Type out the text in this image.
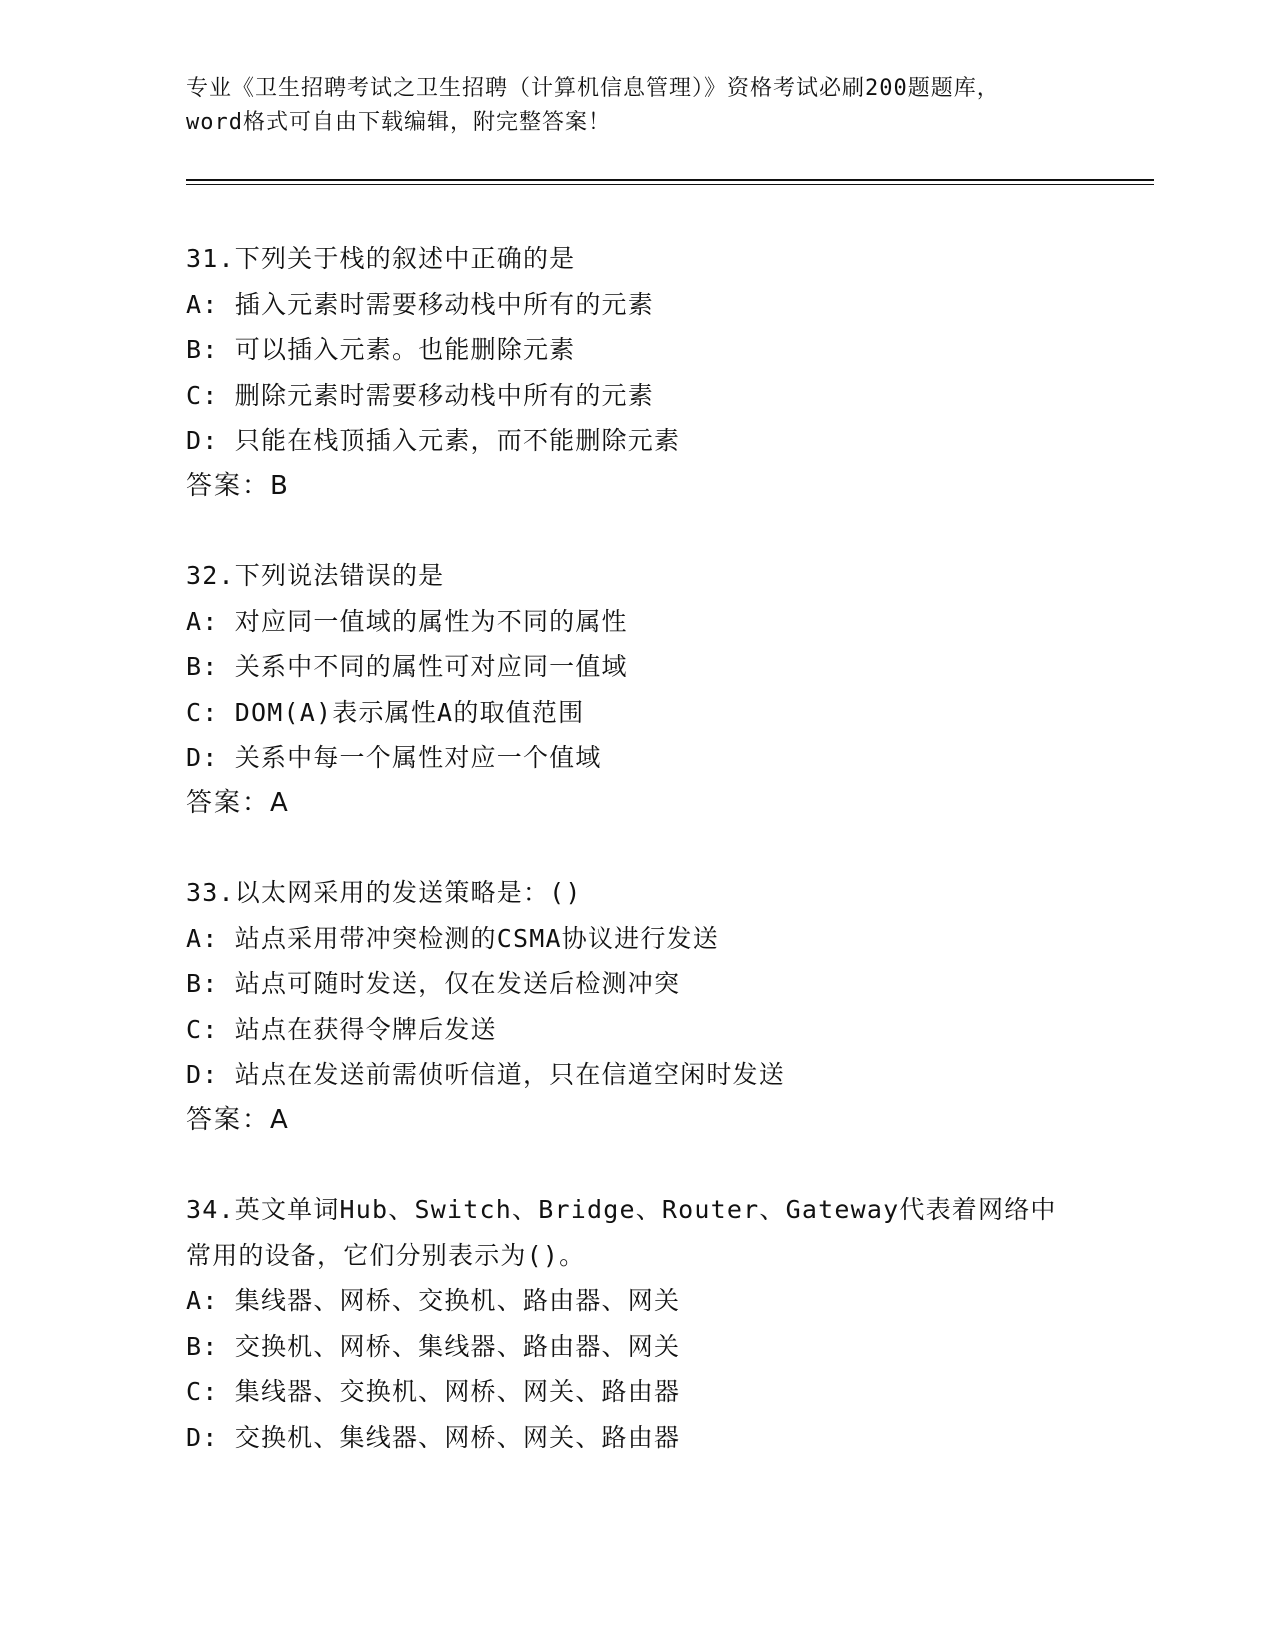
专业《卫生招聘考试之卫生招聘（计算机信息管理）》资格考试必刷200题题库，
word格式可自由下载编辑，附完整答案！
31.下列关于栈的叙述中正确的是
A: 插入元素时需要移动栈中所有的元素
B: 可以插入元素。也能删除元素
C: 删除元素时需要移动栈中所有的元素
D: 只能在栈顶插入元素，而不能删除元素
答案：B
32.下列说法错误的是
A: 对应同一值域的属性为不同的属性
B: 关系中不同的属性可对应同一值域
C: DOM(A)表示属性A的取值范围
D: 关系中每一个属性对应一个值域
答案：A
33.以太网采用的发送策略是：()
A: 站点采用带冲突检测的CSMA协议进行发送
B: 站点可随时发送，仅在发送后检测冲突
C: 站点在获得令牌后发送
D: 站点在发送前需侦听信道，只在信道空闲时发送
答案：A
34.英文单词Hub、Switch、Bridge、Router、Gateway代表着网络中
常用的设备，它们分别表示为()。
A: 集线器、网桥、交换机、路由器、网关
B: 交换机、网桥、集线器、路由器、网关
C: 集线器、交换机、网桥、网关、路由器
D: 交换机、集线器、网桥、网关、路由器
